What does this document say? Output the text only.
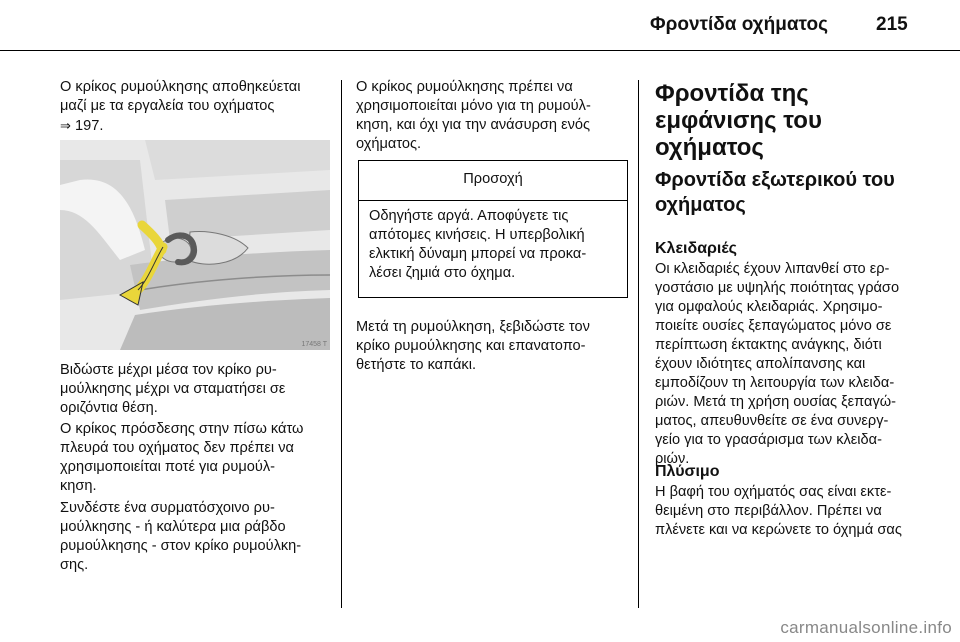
Φροντίδα οχήματος	215
Ο κρίκος ρυμούλκησης αποθηκεύεται
μαζί με τα εργαλεία του οχήματος
⇒ 197.
17458 T
Βιδώστε μέχρι μέσα τον κρίκο ρυ-
μούλκησης μέχρι να σταματήσει σε
οριζόντια θέση.
Ο κρίκος πρόσδεσης στην πίσω κάτω
πλευρά του οχήματος δεν πρέπει να
χρησιμοποιείται ποτέ για ρυμούλ-
κηση.
Συνδέστε ένα συρματόσχοινο ρυ-
μούλκησης - ή καλύτερα μια ράβδο
ρυμούλκησης - στον κρίκο ρυμούλκη-
σης.
Ο κρίκος ρυμούλκησης πρέπει να
χρησιμοποιείται μόνο για τη ρυμούλ-
κηση, και όχι για την ανάσυρση ενός
οχήματος.
Προσοχή
Οδηγήστε αργά. Αποφύγετε τις
απότομες κινήσεις. Η υπερβολική
ελκτική δύναμη μπορεί να προκα-
λέσει ζημιά στο όχημα.
Μετά τη ρυμούλκηση, ξεβιδώστε τον
κρίκο ρυμούλκησης και επανατοπο-
θετήστε το καπάκι.
Φροντίδα της
εμφάνισης του
οχήματος
Φροντίδα εξωτερικού του
οχήματος
Κλειδαριές
Οι κλειδαριές έχουν λιπανθεί στο ερ-
γοστάσιο με υψηλής ποιότητας γράσο
για ομφαλούς κλειδαριάς. Χρησιμο-
ποιείτε ουσίες ξεπαγώματος μόνο σε
περίπτωση έκτακτης ανάγκης, διότι
έχουν ιδιότητες απολίπανσης και
εμποδίζουν τη λειτουργία των κλειδα-
ριών. Μετά τη χρήση ουσίας ξεπαγώ-
ματος, απευθυνθείτε σε ένα συνεργ-
γείο για το γρασάρισμα των κλειδα-
ριών.
Πλύσιμο
Η βαφή του οχήματός σας είναι εκτε-
θειμένη στο περιβάλλον. Πρέπει να
πλένετε και να κερώνετε το όχημά σας
carmanualsonline.info
